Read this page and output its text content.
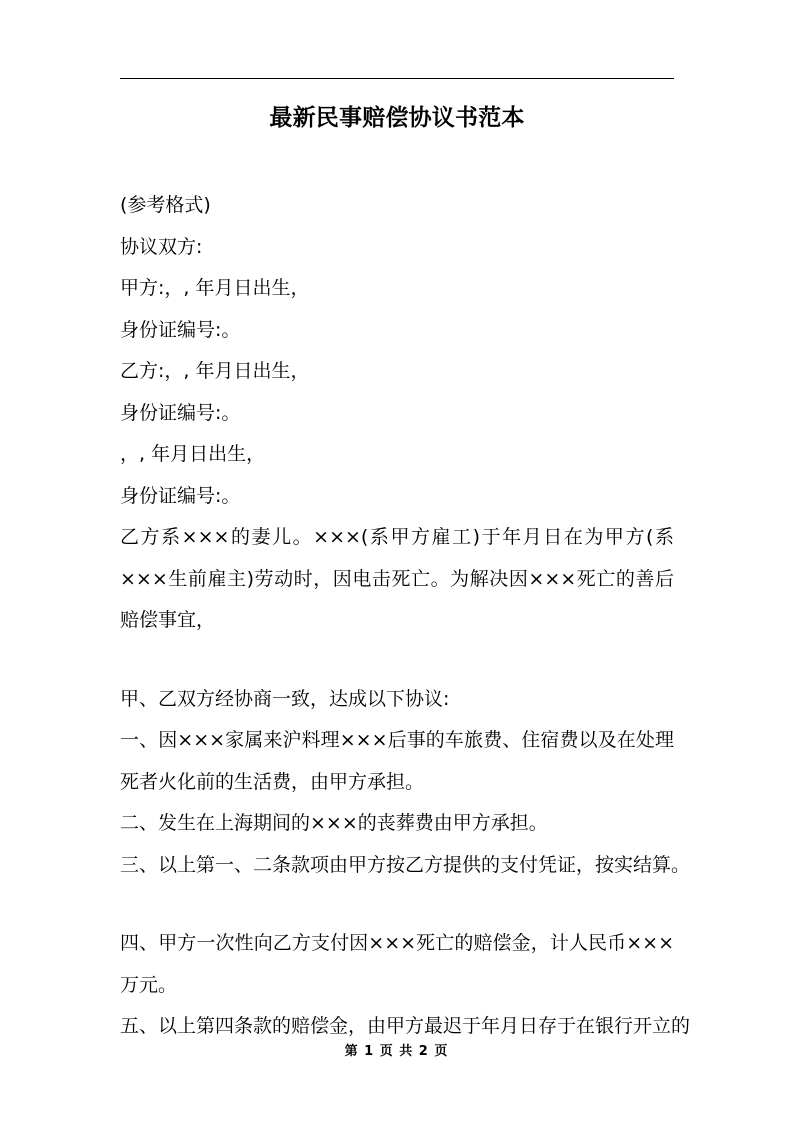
最新民事赔偿协议书范本

(参考格式)

协议双方:

甲方:，, 年月日出生，

身份证编号:。

乙方:，, 年月日出生，

身份证编号:。

，, 年月日出生，

身份证编号:。

乙方系×××的妻儿。×××(系甲方雇工)于年月日在为甲方(系×××生前雇主)劳动时，因电击死亡。为解决因×××死亡的善后赔偿事宜，

甲、乙双方经协商一致，达成以下协议:

一、因×××家属来沪料理×××后事的车旅费、住宿费以及在处理死者火化前的生活费，由甲方承担。

二、发生在上海期间的×××的丧葬费由甲方承担。

三、以上第一、二条款项由甲方按乙方提供的支付凭证，按实结算。

四、甲方一次性向乙方支付因×××死亡的赔偿金，计人民币×××万元。

五、以上第四条款的赔偿金，由甲方最迟于年月日存于在银行开立的

第 1 页 共 2 页
